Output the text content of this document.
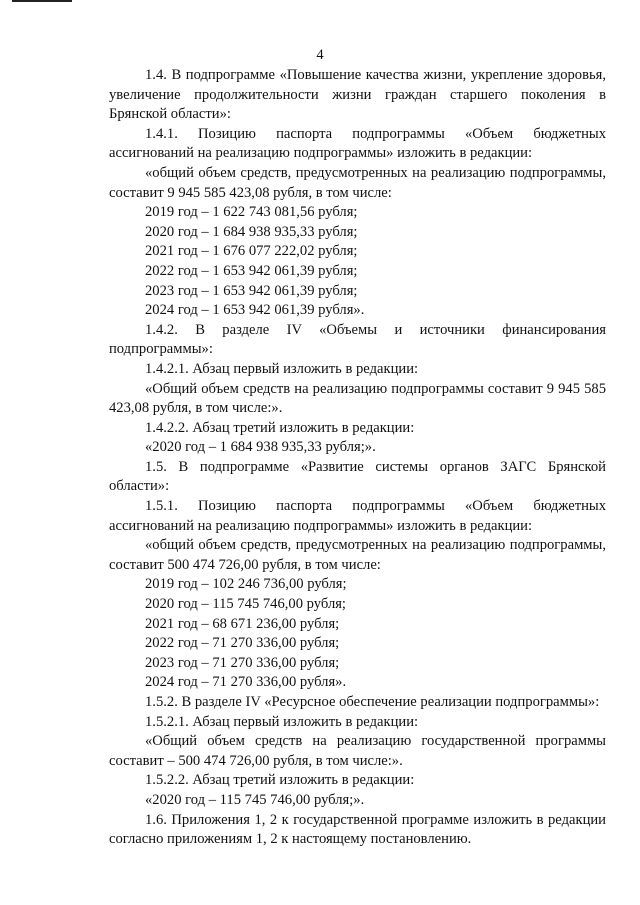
4

1.4. В подпрограмме «Повышение качества жизни, укрепление здоровья, увеличение продолжительности жизни граждан старшего поколения в Брянской области»:

1.4.1. Позицию паспорта подпрограммы «Объем бюджетных ассигнований на реализацию подпрограммы» изложить в редакции:

«общий объем средств, предусмотренных на реализацию подпрограммы, составит 9 945 585 423,08 рубля, в том числе:

2019 год – 1 622 743 081,56 рубля;

2020 год – 1 684 938 935,33 рубля;

2021 год – 1 676 077 222,02 рубля;

2022 год – 1 653 942 061,39 рубля;

2023 год – 1 653 942 061,39 рубля;

2024 год – 1 653 942 061,39 рубля».

1.4.2. В разделе IV «Объемы и источники финансирования подпрограммы»:

1.4.2.1. Абзац первый изложить в редакции:

«Общий объем средств на реализацию подпрограммы составит 9 945 585 423,08 рубля, в том числе:».

1.4.2.2. Абзац третий изложить в редакции:

«2020 год – 1 684 938 935,33 рубля;».

1.5. В подпрограмме «Развитие системы органов ЗАГС Брянской области»:

1.5.1. Позицию паспорта подпрограммы «Объем бюджетных ассигнований на реализацию подпрограммы» изложить в редакции:

«общий объем средств, предусмотренных на реализацию подпрограммы, составит 500 474 726,00 рубля, в том числе:

2019 год – 102 246 736,00 рубля;

2020 год – 115 745 746,00 рубля;

2021 год – 68 671 236,00 рубля;

2022 год – 71 270 336,00 рубля;

2023 год – 71 270 336,00 рубля;

2024 год – 71 270 336,00 рубля».

1.5.2. В разделе IV «Ресурсное обеспечение реализации подпрограммы»:

1.5.2.1. Абзац первый изложить в редакции:

«Общий объем средств на реализацию государственной программы составит – 500 474 726,00 рубля, в том числе:».

1.5.2.2. Абзац третий изложить в редакции:

«2020 год – 115 745 746,00 рубля;».

1.6. Приложения 1, 2 к государственной программе изложить в редакции согласно приложениям 1, 2 к настоящему постановлению.
